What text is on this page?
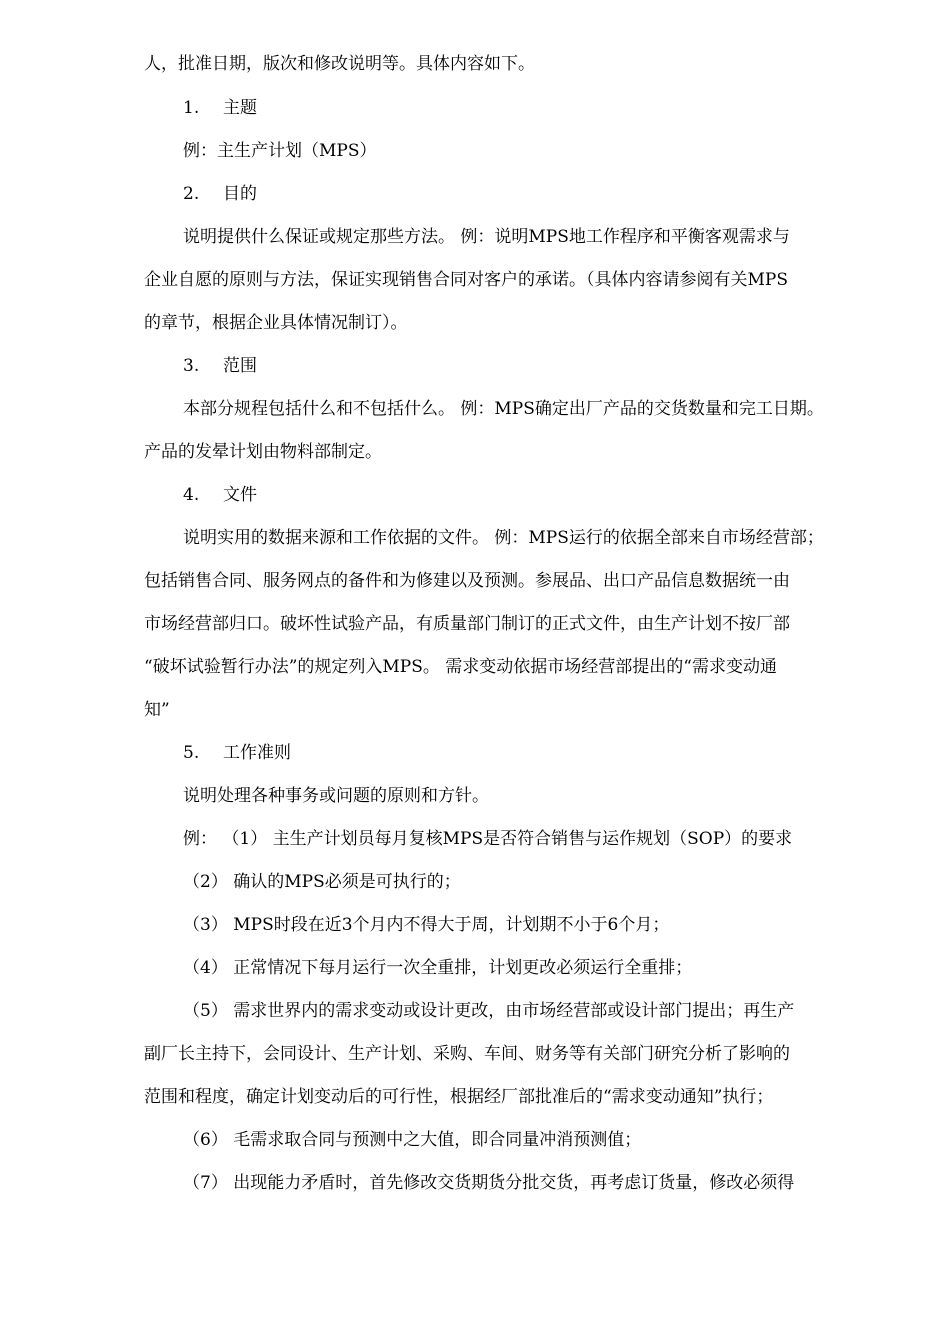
人，批准日期，版次和修改说明等。具体内容如下。
1. 主题
例：主生产计划（MPS）
2. 目的
说明提供什么保证或规定那些方法。 例：说明MPS地工作程序和平衡客观需求与
企业自愿的原则与方法，保证实现销售合同对客户的承诺。（具体内容请参阅有关MPS
的章节，根据企业具体情况制订）。
3. 范围
本部分规程包括什么和不包括什么。 例：MPS确定出厂产品的交货数量和完工日期。
产品的发晕计划由物料部制定。
4. 文件
说明实用的数据来源和工作依据的文件。 例：MPS运行的依据全部来自市场经营部；
包括销售合同、服务网点的备件和为修建以及预测。参展品、出口产品信息数据统一由
市场经营部归口。破坏性试验产品，有质量部门制订的正式文件，由生产计划不按厂部
“破坏试验暂行办法”的规定列入MPS。 需求变动依据市场经营部提出的“需求变动通
知”
5. 工作准则
说明处理各种事务或问题的原则和方针。
例： （1） 主生产计划员每月复核MPS是否符合销售与运作规划（SOP）的要求
（2） 确认的MPS必须是可执行的；
（3） MPS时段在近3个月内不得大于周，计划期不小于6个月；
（4） 正常情况下每月运行一次全重排，计划更改必须运行全重排；
（5） 需求世界内的需求变动或设计更改，由市场经营部或设计部门提出；再生产
副厂长主持下，会同设计、生产计划、采购、车间、财务等有关部门研究分析了影响的
范围和程度，确定计划变动后的可行性，根据经厂部批准后的“需求变动通知”执行；
（6） 毛需求取合同与预测中之大值，即合同量冲消预测值；
（7） 出现能力矛盾时，首先修改交货期货分批交货，再考虑订货量，修改必须得
